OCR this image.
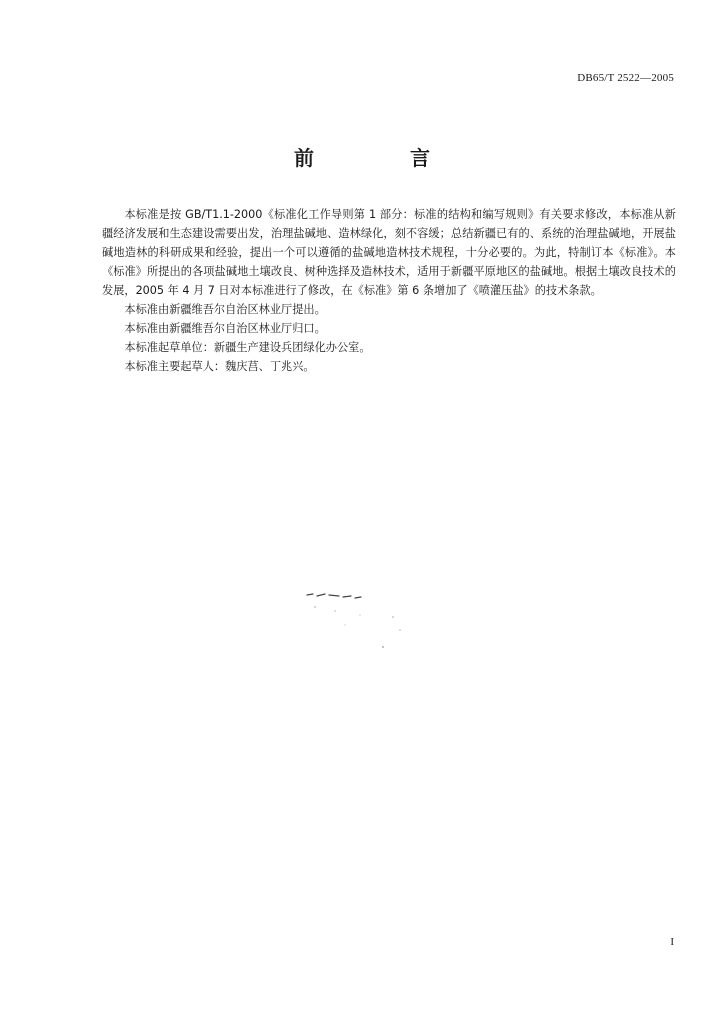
DB65/T 2522—2005
前　言

本标准是按 GB/T1.1-2000《标准化工作导则第 1 部分：标准的结构和编写规则》有关要求修改，本标准从新疆经济发展和生态建设需要出发，治理盐碱地、造林绿化，刻不容缓；总结新疆已有的、系统的治理盐碱地，开展盐碱地造林的科研成果和经验，提出一个可以遵循的盐碱地造林技术规程，十分必要的。为此，特制订本《标准》。本《标准》所提出的各项盐碱地土壤改良、树种选择及造林技术，适用于新疆平原地区的盐碱地。根据土壤改良技术的发展，2005 年 4 月 7 日对本标准进行了修改，在《标准》第 6 条增加了《喷灌压盐》的技术条款。

本标准由新疆维吾尔自治区林业厅提出。

本标准由新疆维吾尔自治区林业厅归口。

本标准起草单位：新疆生产建设兵团绿化办公室。

本标准主要起草人：魏庆莒、丁兆兴。

I
